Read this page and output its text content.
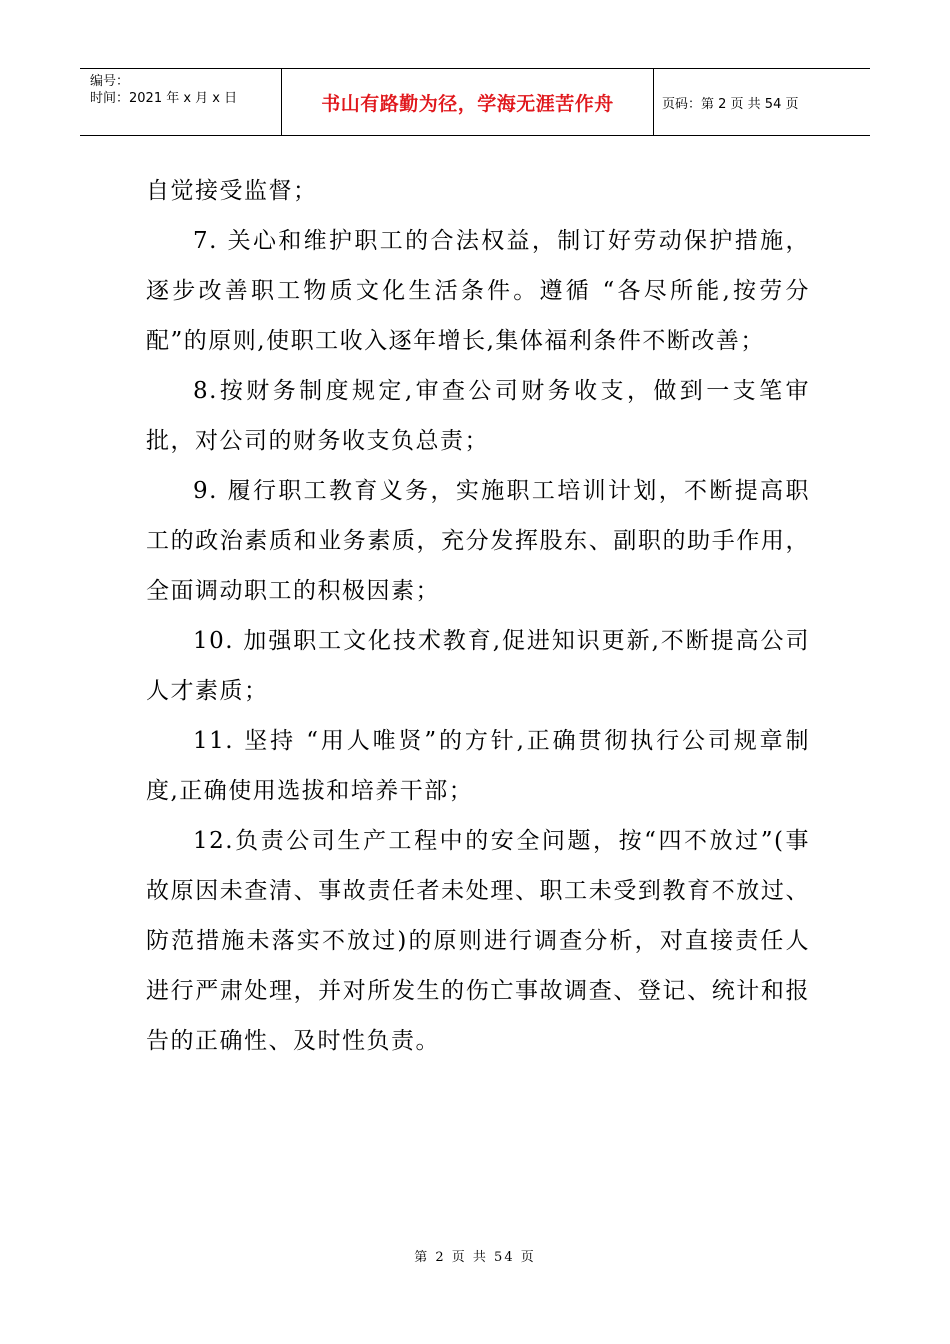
编号：
时间：2021 年 x 月 x 日	书山有路勤为径，学海无涯苦作舟	页码：第 2 页 共 54 页

自觉接受监督；

7. 关心和维护职工的合法权益，制订好劳动保护措施，逐步改善职工物质文化生活条件。遵循 “各尽所能,按劳分配”的原则,使职工收入逐年增长,集体福利条件不断改善；

8.按财务制度规定,审查公司财务收支，做到一支笔审批，对公司的财务收支负总责；

9. 履行职工教育义务，实施职工培训计划，不断提高职工的政治素质和业务素质，充分发挥股东、副职的助手作用，全面调动职工的积极因素；

10. 加强职工文化技术教育,促进知识更新,不断提高公司人才素质；

11. 坚持 “用人唯贤”的方针,正确贯彻执行公司规章制度,正确使用选拔和培养干部；

12.负责公司生产工程中的安全问题，按“四不放过”(事故原因未查清、事故责任者未处理、职工未受到教育不放过、防范措施未落实不放过)的原则进行调查分析，对直接责任人进行严肃处理，并对所发生的伤亡事故调查、登记、统计和报告的正确性、及时性负责。

第 2 页 共 54 页
